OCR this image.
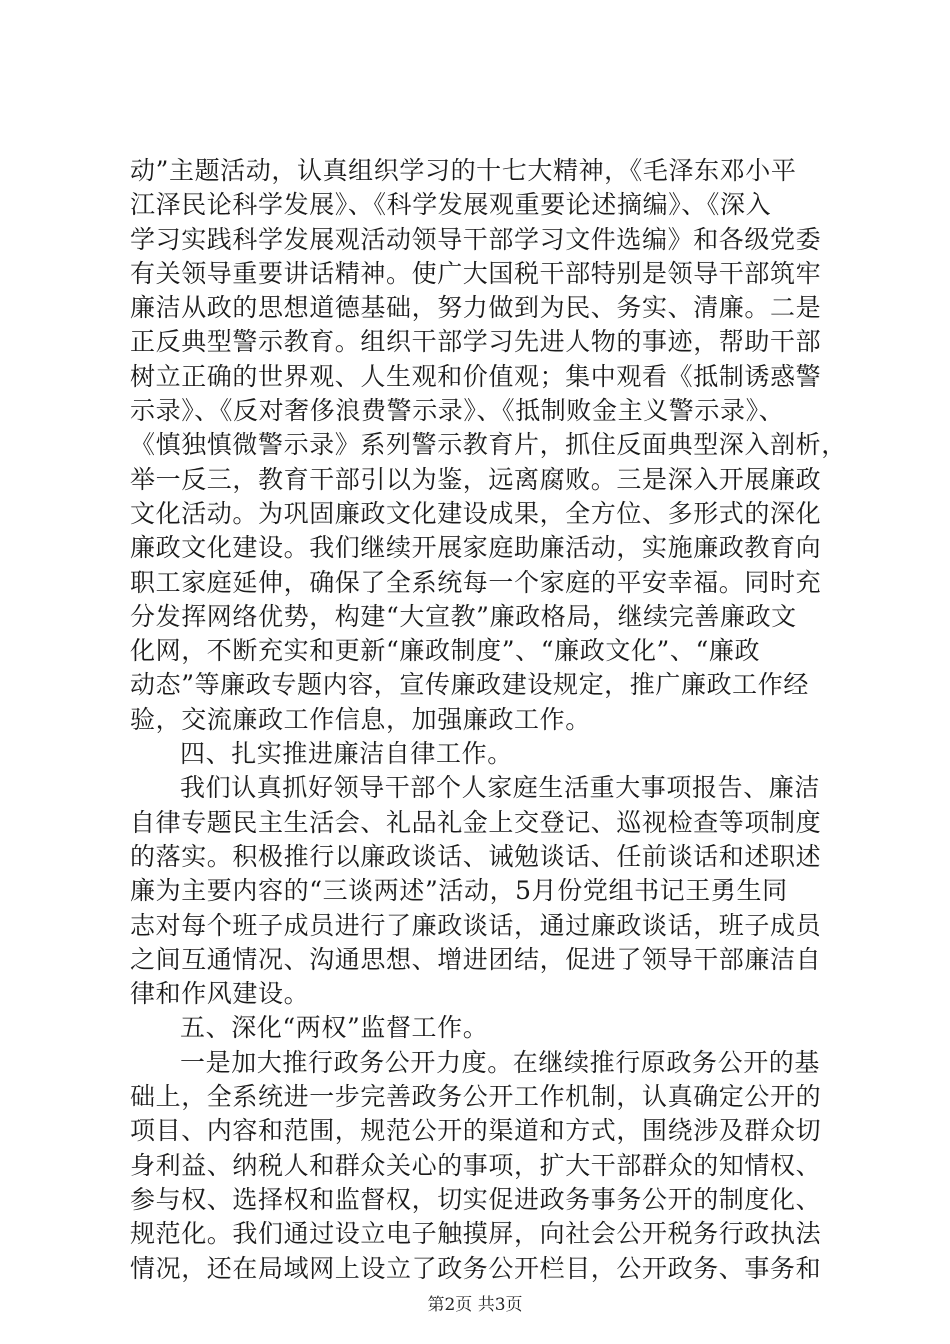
动”主题活动，认真组织学习的十七大精神，《毛泽东邓小平
江泽民论科学发展》、《科学发展观重要论述摘编》、《深入
学习实践科学发展观活动领导干部学习文件选编》和各级党委
有关领导重要讲话精神。使广大国税干部特别是领导干部筑牢
廉洁从政的思想道德基础，努力做到为民、务实、清廉。二是
正反典型警示教育。组织干部学习先进人物的事迹，帮助干部
树立正确的世界观、人生观和价值观；集中观看《抵制诱惑警
示录》、《反对奢侈浪费警示录》、《抵制败金主义警示录》、
《慎独慎微警示录》系列警示教育片，抓住反面典型深入剖析，
举一反三，教育干部引以为鉴，远离腐败。三是深入开展廉政
文化活动。为巩固廉政文化建设成果，全方位、多形式的深化
廉政文化建设。我们继续开展家庭助廉活动，实施廉政教育向
职工家庭延伸，确保了全系统每一个家庭的平安幸福。同时充
分发挥网络优势，构建“大宣教”廉政格局，继续完善廉政文
化网，不断充实和更新“廉政制度”、“廉政文化”、“廉政
动态”等廉政专题内容，宣传廉政建设规定，推广廉政工作经
验，交流廉政工作信息，加强廉政工作。
四、扎实推进廉洁自律工作。
我们认真抓好领导干部个人家庭生活重大事项报告、廉洁
自律专题民主生活会、礼品礼金上交登记、巡视检查等项制度
的落实。积极推行以廉政谈话、诫勉谈话、任前谈话和述职述
廉为主要内容的“三谈两述”活动，5月份党组书记王勇生同
志对每个班子成员进行了廉政谈话，通过廉政谈话，班子成员
之间互通情况、沟通思想、增进团结，促进了领导干部廉洁自
律和作风建设。
五、深化“两权”监督工作。
一是加大推行政务公开力度。在继续推行原政务公开的基
础上，全系统进一步完善政务公开工作机制，认真确定公开的
项目、内容和范围，规范公开的渠道和方式，围绕涉及群众切
身利益、纳税人和群众关心的事项，扩大干部群众的知情权、
参与权、选择权和监督权，切实促进政务事务公开的制度化、
规范化。我们通过设立电子触摸屏，向社会公开税务行政执法
情况，还在局域网上设立了政务公开栏目，公开政务、事务和
第2页 共3页
